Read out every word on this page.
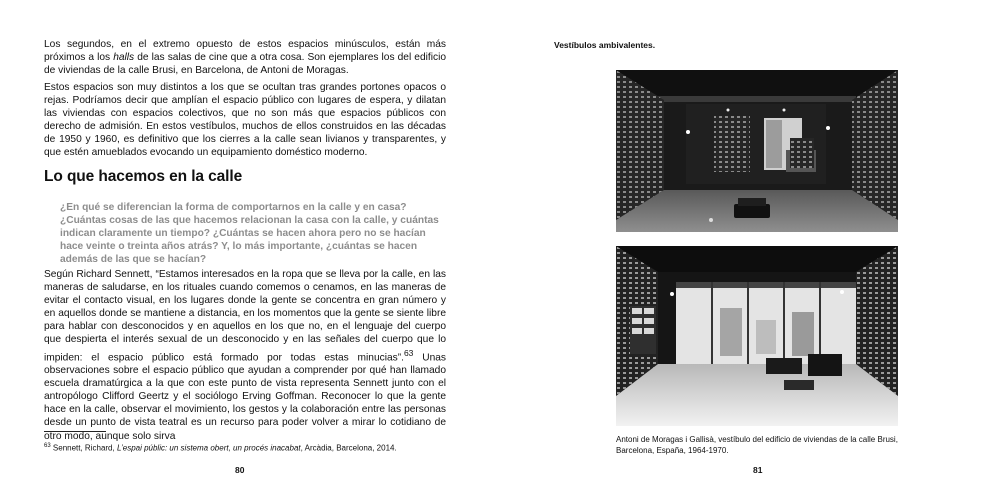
Los segundos, en el extremo opuesto de estos espacios minúsculos, están más próximos a los halls de las salas de cine que a otra cosa. Son ejemplares los del edificio de viviendas de la calle Brusi, en Barcelona, de Antoni de Moragas.

Estos espacios son muy distintos a los que se ocultan tras grandes portones opacos o rejas. Podríamos decir que amplían el espacio público con lugares de espera, y dilatan las viviendas con espacios colectivos, que no son más que espacios públicos con derecho de admisión. En estos vestíbulos, muchos de ellos construidos en las décadas de 1950 y 1960, es definitivo que los cierres a la calle sean livianos y transparentes, y que estén amueblados evocando un equipamiento doméstico moderno.

Lo que hacemos en la calle

¿En qué se diferencian la forma de comportarnos en la calle y en casa? ¿Cuántas cosas de las que hacemos relacionan la casa con la calle, y cuántas indican claramente un tiempo? ¿Cuántas se hacen ahora pero no se hacían hace veinte o treinta años atrás? Y, lo más importante, ¿cuántas se hacen además de las que se hacían?

Según Richard Sennett, “Estamos interesados en la ropa que se lleva por la calle, en las maneras de saludarse, en los rituales cuando comemos o cenamos, en las maneras de evitar el contacto visual, en los lugares donde la gente se concentra en gran número y en aquellos donde se mantiene a distancia, en los momentos que la gente se siente libre para hablar con desconocidos y en aquellos en los que no, en el lenguaje del cuerpo que despierta el interés sexual de un desconocido y en las señales del cuerpo que lo impiden: el espacio público está formado por todas estas minucias”.$^{63}$ Unas observaciones sobre el espacio público que ayudan a comprender por qué han llamado escuela dramatúrgica a la que con este punto de vista representa Sennett junto con el antropólogo Clifford Geertz y el sociólogo Erving Goffman. Reconocer lo que la gente hace en la calle, observar el movimiento, los gestos y la colaboración entre las personas desde un punto de vista teatral es un recurso para poder volver a mirar lo cotidiano de otro modo, aunque solo sirva

$^{63}$ Sennett, Richard, L’espai públic: un sistema obert, un procés inacabat, Arcàdia, Barcelona, 2014.

80

Vestíbulos ambivalentes.

Antoni de Moragas i Gallisà, vestíbulo del edificio de viviendas de la calle Brusi, Barcelona, España, 1964-1970.

81
